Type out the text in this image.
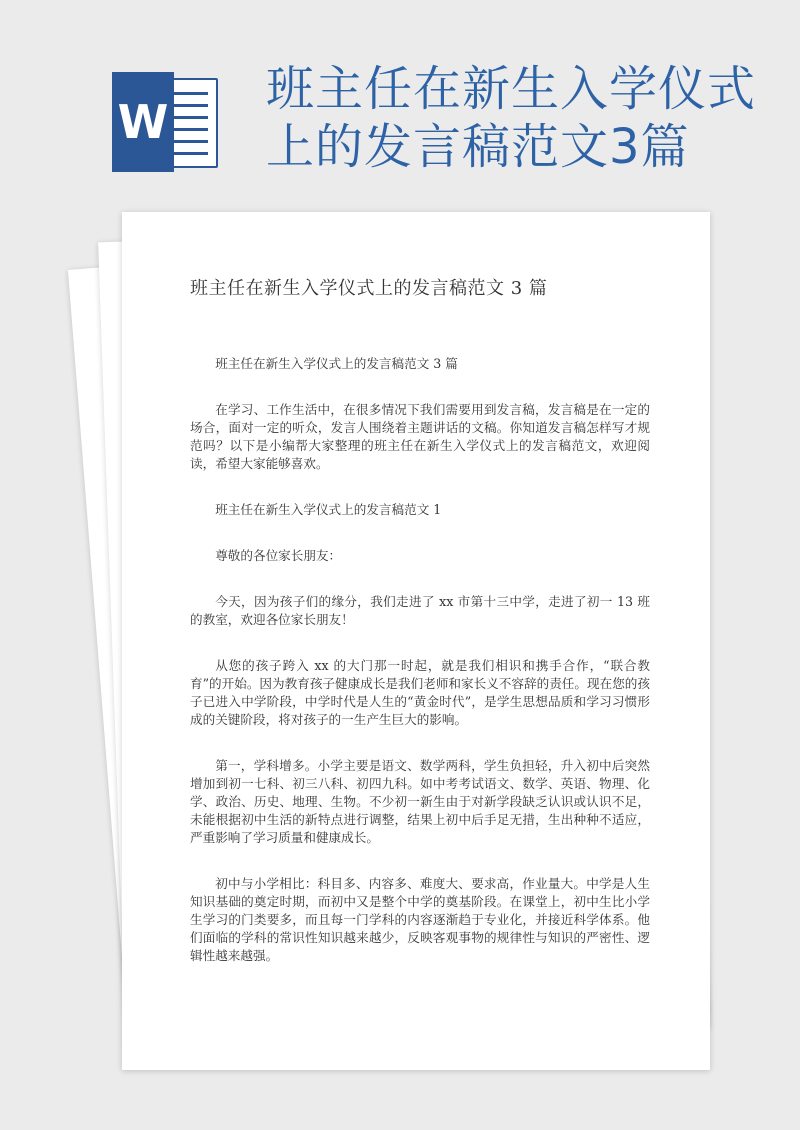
W
班主任在新生入学仪式上的发言稿范文3篇
班主任在新生入学仪式上的发言稿范文 3 篇

班主任在新生入学仪式上的发言稿范文 3 篇

在学习、工作生活中，在很多情况下我们需要用到发言稿，发言稿是在一定的场合，面对一定的听众，发言人围绕着主题讲话的文稿。你知道发言稿怎样写才规范吗？以下是小编帮大家整理的班主任在新生入学仪式上的发言稿范文，欢迎阅读，希望大家能够喜欢。

班主任在新生入学仪式上的发言稿范文 1

尊敬的各位家长朋友：

今天，因为孩子们的缘分，我们走进了 xx 市第十三中学，走进了初一 13 班的教室，欢迎各位家长朋友！

从您的孩子跨入 xx 的大门那一时起，就是我们相识和携手合作，“联合教育”的开始。因为教育孩子健康成长是我们老师和家长义不容辞的责任。现在您的孩子已进入中学阶段，中学时代是人生的“黄金时代”，是学生思想品质和学习习惯形成的关键阶段，将对孩子的一生产生巨大的影响。

第一，学科增多。小学主要是语文、数学两科，学生负担轻，升入初中后突然增加到初一七科、初三八科、初四九科。如中考考试语文、数学、英语、物理、化学、政治、历史、地理、生物。不少初一新生由于对新学段缺乏认识或认识不足，未能根据初中生活的新特点进行调整，结果上初中后手足无措，生出种种不适应，严重影响了学习质量和健康成长。

初中与小学相比：科目多、内容多、难度大、要求高，作业量大。中学是人生知识基础的奠定时期，而初中又是整个中学的奠基阶段。在课堂上，初中生比小学生学习的门类要多，而且每一门学科的内容逐渐趋于专业化，并接近科学体系。他们面临的学科的常识性知识越来越少，反映客观事物的规律性与知识的严密性、逻辑性越来越强。
